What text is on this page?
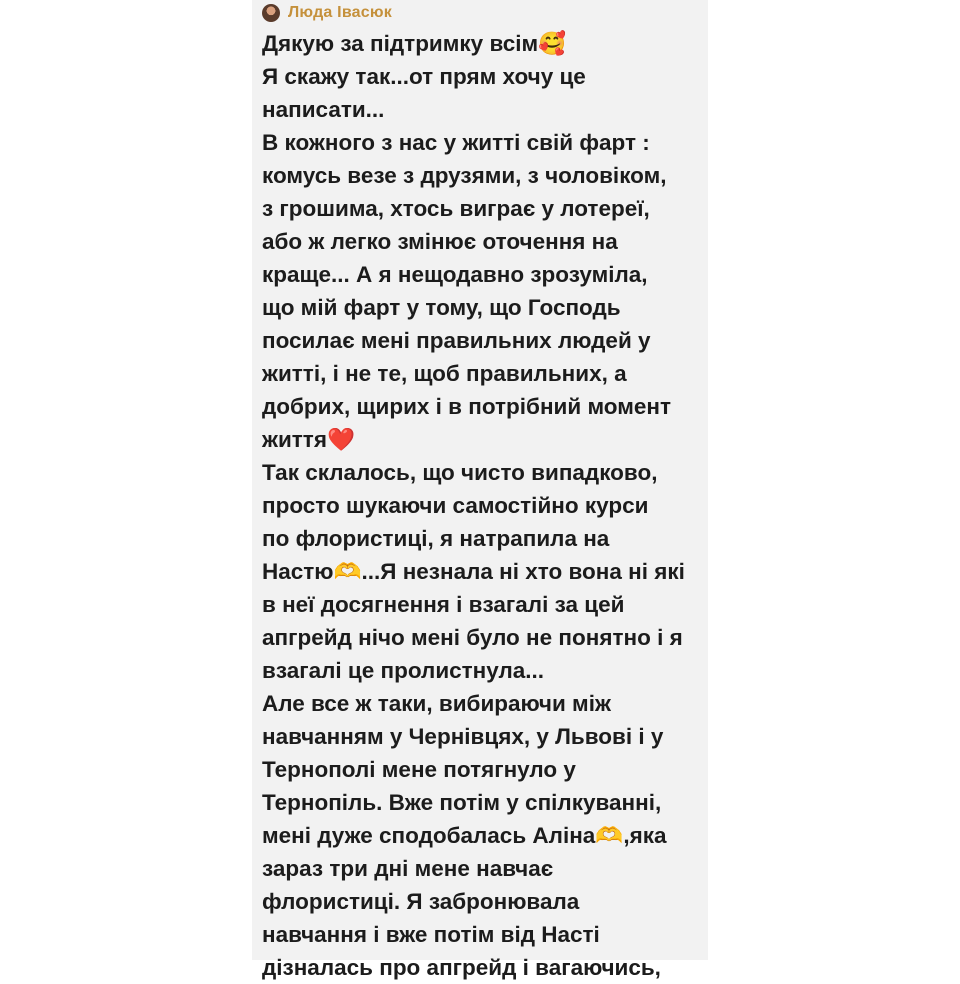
Люда Івасюк
Дякую за підтримку всім🥰
Я скажу так...от прям хочу це
написати...
В кожного з нас у житті свій фарт :
комусь везе з друзями, з чоловіком,
з грошима, хтось виграє у лотереї,
або ж легко змінює оточення на
краще... А я нещодавно зрозуміла,
що мій фарт у тому, що Господь
посилає мені правильних людей у
житті, і не те, щоб правильних, а
добрих, щирих і в потрібний момент
життя❤️
Так склалось, що чисто випадково,
просто шукаючи самостійно курси
по флористиці, я натрапила на
Настю🫶...Я незнала ні хто вона ні які
в неї досягнення і взагалі за цей
апгрейд нічо мені було не понятно і я
взагалі це пролистнула...
Але все ж таки, вибираючи між
навчанням у Чернівцях, у Львові і у
Тернополі мене потягнуло у
Тернопіль. Вже потім у спілкуванні,
мені дуже сподобалась Аліна🫶,яка
зараз три дні мене навчає
флористиці. Я забронювала
навчання і вже потім від Насті
дізналась про апгрейд і вагаючись,
